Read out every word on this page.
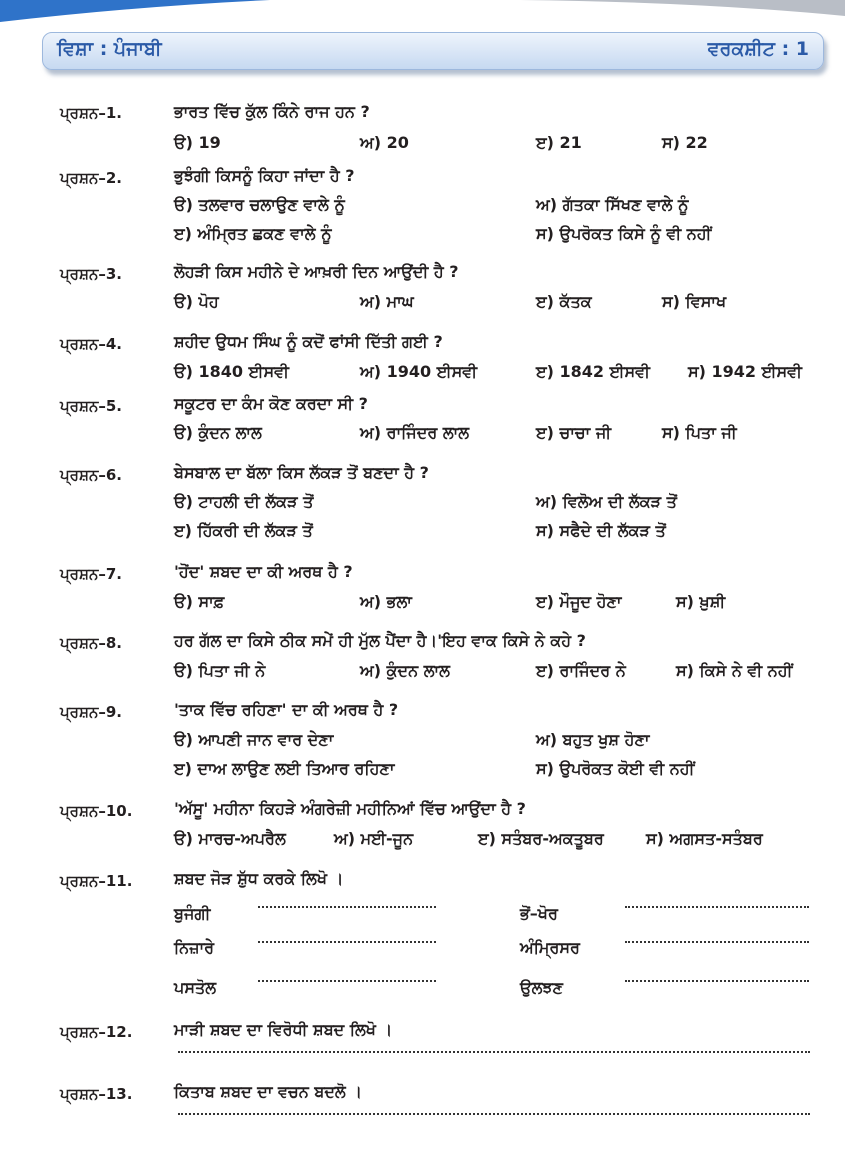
ਵਿਸ਼ਾ : ਪੰਜਾਬੀ	ਵਰਕਸ਼ੀਟ : 1
ਪ੍ਰਸ਼ਨ–1.	ਭਾਰਤ ਵਿੱਚ ਕੁੱਲ ਕਿੰਨੇ ਰਾਜ ਹਨ ?
ੳ) 19	ਅ) 20	ੲ) 21	ਸ) 22
ਪ੍ਰਸ਼ਨ–2.	ਭੁਝੰਗੀ ਕਿਸਨੂੰ ਕਿਹਾ ਜਾਂਦਾ ਹੈ ?
ੳ) ਤਲਵਾਰ ਚਲਾਉਣ ਵਾਲੇ ਨੂੰ	ਅ) ਗੱਤਕਾ ਸਿੱਖਣ ਵਾਲੇ ਨੂੰ
ੲ) ਅੰਮ੍ਰਿਤ ਛਕਣ ਵਾਲੇ ਨੂੰ	ਸ) ਉਪਰੋਕਤ ਕਿਸੇ ਨੂੰ ਵੀ ਨਹੀਂ
ਪ੍ਰਸ਼ਨ–3.	ਲੋਹੜੀ ਕਿਸ ਮਹੀਨੇ ਦੇ ਆਖ਼ਰੀ ਦਿਨ ਆਉਂਦੀ ਹੈ ?
ੳ) ਪੋਹ	ਅ) ਮਾਘ	ੲ) ਕੱਤਕ	ਸ) ਵਿਸਾਖ
ਪ੍ਰਸ਼ਨ–4.	ਸ਼ਹੀਦ ਉਧਮ ਸਿੰਘ ਨੂੰ ਕਦੋਂ ਫਾਂਸੀ ਦਿੱਤੀ ਗਈ ?
ੳ) 1840 ਈਸਵੀ	ਅ) 1940 ਈਸਵੀ	ੲ) 1842 ਈਸਵੀ ਸ) 1942 ਈਸਵੀ
ਪ੍ਰਸ਼ਨ–5.	ਸਕੂਟਰ ਦਾ ਕੰਮ ਕੋਣ ਕਰਦਾ ਸੀ ?
ੳ) ਕੁੰਦਨ ਲਾਲ	ਅ) ਰਾਜਿੰਦਰ ਲਾਲ	ੲ) ਚਾਚਾ ਜੀ	ਸ) ਪਿਤਾ ਜੀ
ਪ੍ਰਸ਼ਨ–6.	ਬੇਸਬਾਲ ਦਾ ਬੱਲਾ ਕਿਸ ਲੱਕੜ ਤੋਂ ਬਣਦਾ ਹੈ ?
ੳ) ਟਾਹਲੀ ਦੀ ਲੱਕੜ ਤੋਂ	ਅ) ਵਿਲੋਅ ਦੀ ਲੱਕੜ ਤੋਂ
ੲ) ਹਿੱਕਰੀ ਦੀ ਲੱਕੜ ਤੋਂ	ਸ) ਸਫੈਦੇ ਦੀ ਲੱਕੜ ਤੋਂ
ਪ੍ਰਸ਼ਨ–7.	'ਹੋਂਦ' ਸ਼ਬਦ ਦਾ ਕੀ ਅਰਥ ਹੈ ?
ੳ) ਸਾਫ਼	ਅ) ਭਲਾ	ੲ) ਮੌਜੂਦ ਹੋਣਾ	ਸ) ਖ਼ੁਸ਼ੀ
ਪ੍ਰਸ਼ਨ–8.	ਹਰ ਗੱਲ ਦਾ ਕਿਸੇ ਠੀਕ ਸਮੇਂ ਹੀ ਮੁੱਲ ਪੈਂਦਾ ਹੈ।'ਇਹ ਵਾਕ ਕਿਸੇ ਨੇ ਕਹੇ ?
ੳ) ਪਿਤਾ ਜੀ ਨੇ	ਅ) ਕੁੰਦਨ ਲਾਲ	ੲ) ਰਾਜਿੰਦਰ ਨੇ	ਸ) ਕਿਸੇ ਨੇ ਵੀ ਨਹੀਂ
ਪ੍ਰਸ਼ਨ–9.	'ਤਾਕ ਵਿੱਚ ਰਹਿਣਾ' ਦਾ ਕੀ ਅਰਥ ਹੈ ?
ੳ) ਆਪਣੀ ਜਾਨ ਵਾਰ ਦੇਣਾ	ਅ) ਬਹੁਤ ਖੁਸ਼ ਹੋਣਾ
ੲ) ਦਾਅ ਲਾਉਣ ਲਈ ਤਿਆਰ ਰਹਿਣਾ	ਸ) ਉਪਰੋਕਤ ਕੋਈ ਵੀ ਨਹੀਂ
ਪ੍ਰਸ਼ਨ–10.	'ਅੱਸੂ' ਮਹੀਨਾ ਕਿਹੜੇ ਅੰਗਰੇਜ਼ੀ ਮਹੀਨਿਆਂ ਵਿੱਚ ਆਉਂਦਾ ਹੈ ?
ੳ) ਮਾਰਚ-ਅਪਰੈਲ	ਅ) ਮਈ-ਜੂਨ	ੲ) ਸਤੰਬਰ-ਅਕਤੂਬਰ	ਸ) ਅਗਸਤ-ਸਤੰਬਰ
ਪ੍ਰਸ਼ਨ–11.	ਸ਼ਬਦ ਜੋੜ ਸ਼ੁੱਧ ਕਰਕੇ ਲਿਖੋ ।
ਬੁਜੰਗੀ	ਭੋਂ–ਖੋਰ
ਨਿਜ਼ਾਰੇ	ਅੰਮ੍ਰਿਸਰ
ਪਸਤੋਲ	ਉਲਝਣ
ਪ੍ਰਸ਼ਨ–12.	ਮਾੜੀ ਸ਼ਬਦ ਦਾ ਵਿਰੋਧੀ ਸ਼ਬਦ ਲਿਖੋ ।
ਪ੍ਰਸ਼ਨ–13.	ਕਿਤਾਬ ਸ਼ਬਦ ਦਾ ਵਚਨ ਬਦਲੋ ।
